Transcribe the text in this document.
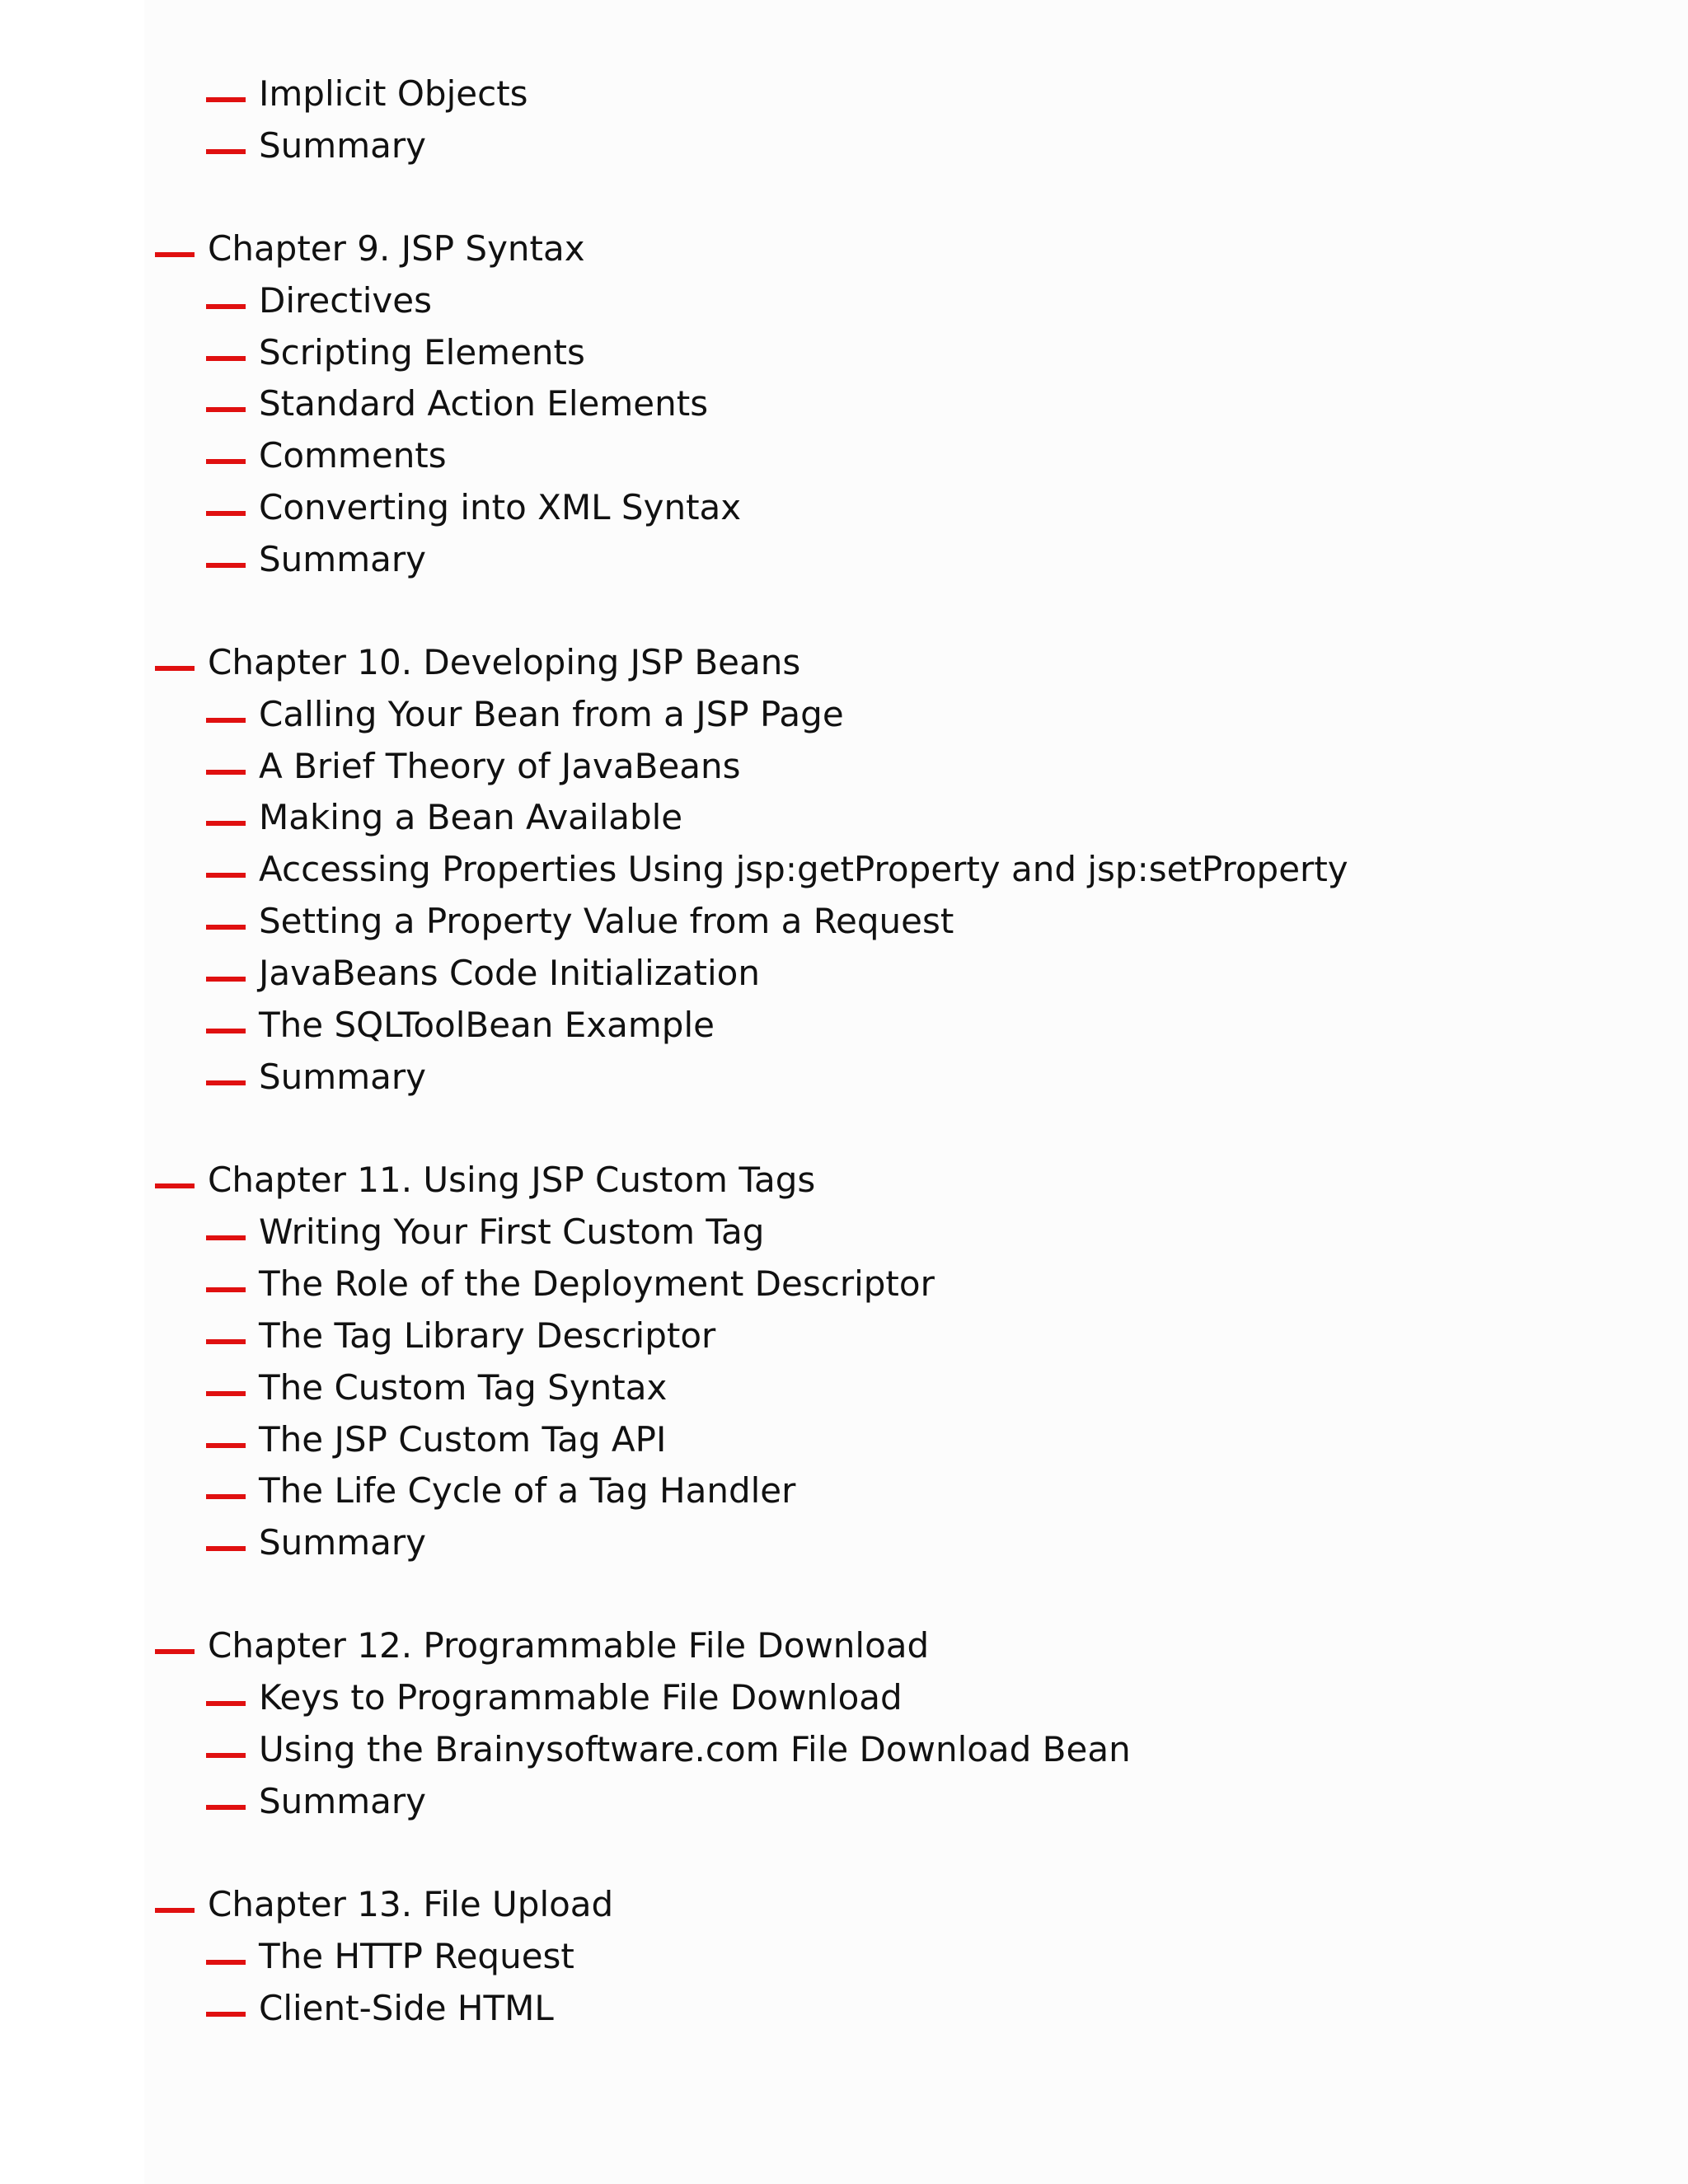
Implicit Objects
Summary
Chapter 9. JSP Syntax
Directives
Scripting Elements
Standard Action Elements
Comments
Converting into XML Syntax
Summary
Chapter 10. Developing JSP Beans
Calling Your Bean from a JSP Page
A Brief Theory of JavaBeans
Making a Bean Available
Accessing Properties Using jsp:getProperty and jsp:setProperty
Setting a Property Value from a Request
JavaBeans Code Initialization
The SQLToolBean Example
Summary
Chapter 11. Using JSP Custom Tags
Writing Your First Custom Tag
The Role of the Deployment Descriptor
The Tag Library Descriptor
The Custom Tag Syntax
The JSP Custom Tag API
The Life Cycle of a Tag Handler
Summary
Chapter 12. Programmable File Download
Keys to Programmable File Download
Using the Brainysoftware.com File Download Bean
Summary
Chapter 13. File Upload
The HTTP Request
Client-Side HTML
